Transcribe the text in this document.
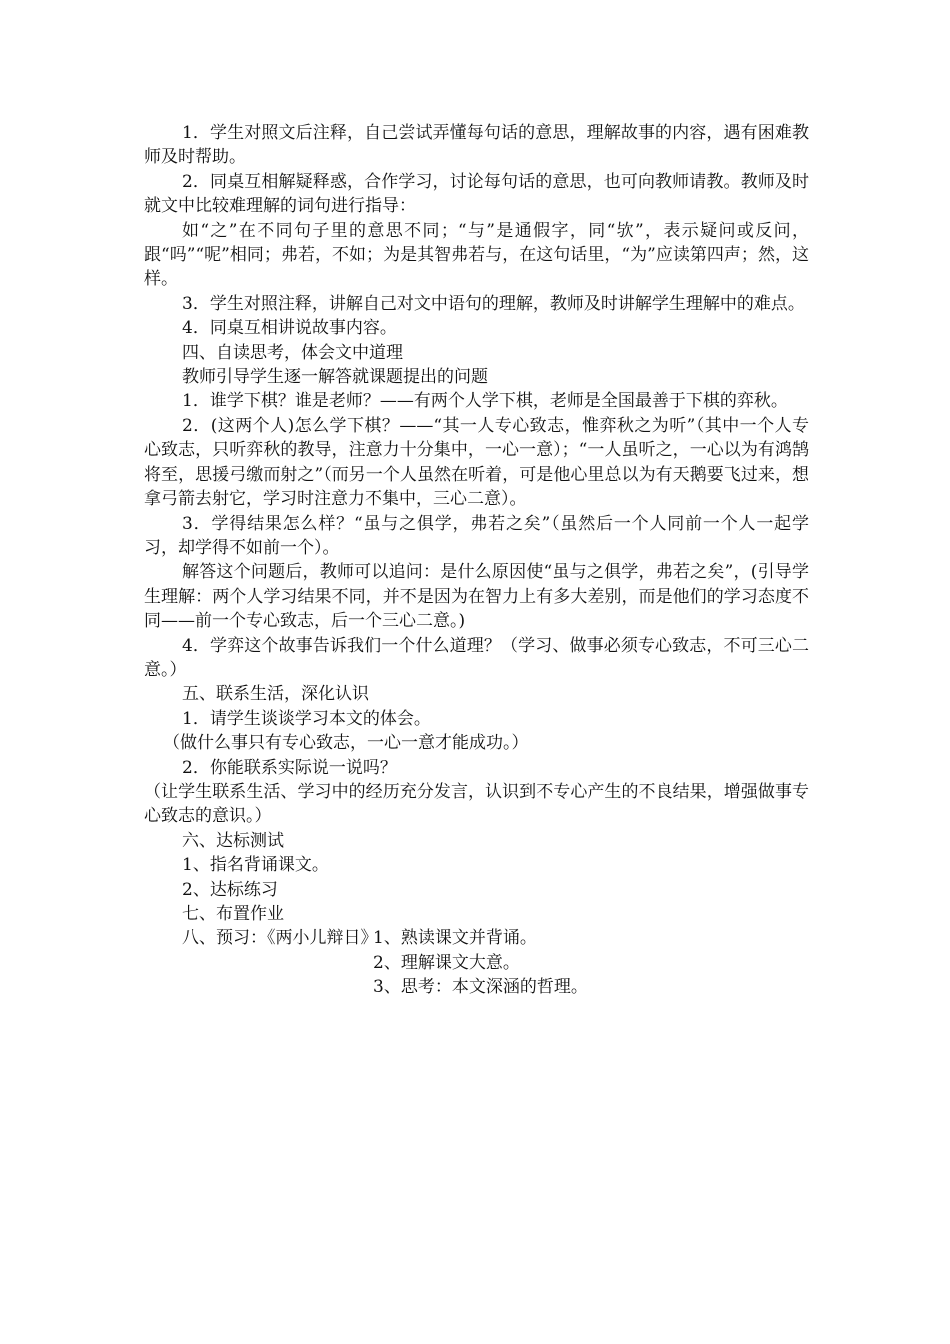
1．学生对照文后注释，自己尝试弄懂每句话的意思，理解故事的内容，遇有困难教师及时帮助。

2．同桌互相解疑释惑，合作学习，讨论每句话的意思，也可向教师请教。教师及时就文中比较难理解的词句进行指导：

如“之”在不同句子里的意思不同；“与”是通假字，同“欤”，表示疑问或反问，跟“吗”“呢”相同；弗若，不如；为是其智弗若与，在这句话里，“为”应读第四声；然，这样。

3．学生对照注释，讲解自己对文中语句的理解，教师及时讲解学生理解中的难点。

4．同桌互相讲说故事内容。

四、自读思考，体会文中道理

教师引导学生逐一解答就课题提出的问题

1．谁学下棋？谁是老师？——有两个人学下棋，老师是全国最善于下棋的弈秋。

2．(这两个人)怎么学下棋？——“其一人专心致志，惟弈秋之为听”（其中一个人专心致志，只听弈秋的教导，注意力十分集中，一心一意）；“一人虽听之，一心以为有鸿鹄将至，思援弓缴而射之”（而另一个人虽然在听着，可是他心里总以为有天鹅要飞过来，想拿弓箭去射它，学习时注意力不集中，三心二意）。

3．学得结果怎么样？“虽与之俱学，弗若之矣”（虽然后一个人同前一个人一起学习，却学得不如前一个）。

解答这个问题后，教师可以追问：是什么原因使“虽与之俱学，弗若之矣”，(引导学生理解：两个人学习结果不同，并不是因为在智力上有多大差别，而是他们的学习态度不同——前一个专心致志，后一个三心二意。)

4．学弈这个故事告诉我们一个什么道理？（学习、做事必须专心致志，不可三心二意。）

五、联系生活，深化认识

1．请学生谈谈学习本文的体会。

（做什么事只有专心致志，一心一意才能成功。）

2．你能联系实际说一说吗？

（让学生联系生活、学习中的经历充分发言，认识到不专心产生的不良结果，增强做事专心致志的意识。）

六、达标测试

1、指名背诵课文。

2、达标练习

七、布置作业

八、预习：《两小儿辩日》1、熟读课文并背诵。

2、理解课文大意。

3、思考：本文深涵的哲理。
